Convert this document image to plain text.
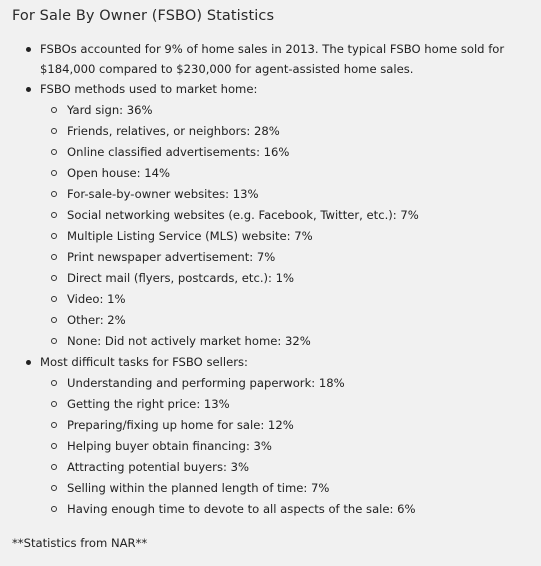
For Sale By Owner (FSBO) Statistics
FSBOs accounted for 9% of home sales in 2013. The typical FSBO home sold for $184,000 compared to $230,000 for agent-assisted home sales.
FSBO methods used to market home:
Yard sign: 36%
Friends, relatives, or neighbors: 28%
Online classified advertisements: 16%
Open house: 14%
For-sale-by-owner websites: 13%
Social networking websites (e.g. Facebook, Twitter, etc.): 7%
Multiple Listing Service (MLS) website: 7%
Print newspaper advertisement: 7%
Direct mail (flyers, postcards, etc.): 1%
Video: 1%
Other: 2%
None: Did not actively market home: 32%
Most difficult tasks for FSBO sellers:
Understanding and performing paperwork: 18%
Getting the right price: 13%
Preparing/fixing up home for sale: 12%
Helping buyer obtain financing: 3%
Attracting potential buyers: 3%
Selling within the planned length of time: 7%
Having enough time to devote to all aspects of the sale: 6%
**Statistics from NAR**
